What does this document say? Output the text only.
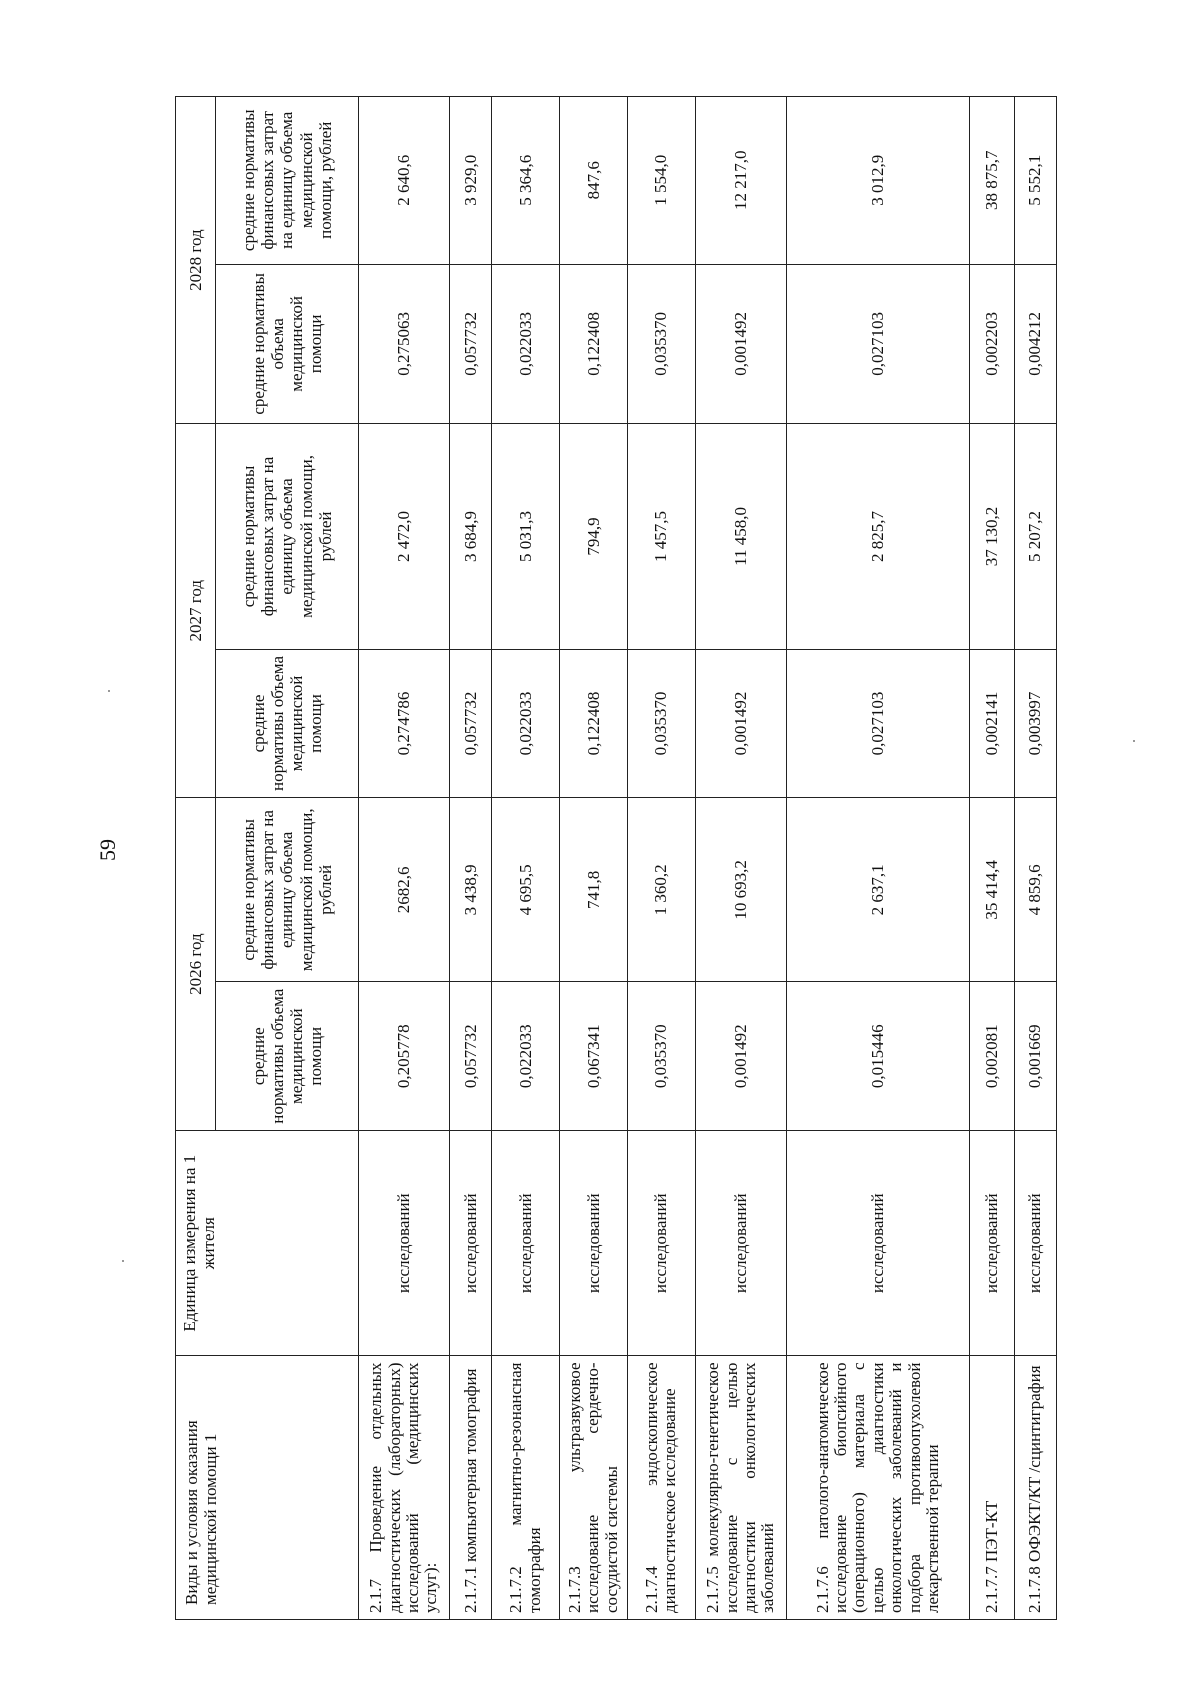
59
Виды и условия оказания медицинской помощи 1	Единица измерения на 1 жителя	2026 год		2027 год		2028 год	
		средние нормативы объема медицинской помощи	средние нормативы финансовых затрат на единицу объема медицинской помощи, рублей	средние нормативы объема медицинской помощи	средние нормативы финансовых затрат на единицу объема медицинской помощи, рублей	средние нормативы объема медицинской помощи	средние нормативы финансовых затрат на единицу объема медицинской помощи, рублей
2.1.7 Проведение отдельных диагностических (лабораторных) исследований (медицинских услуг):	исследований	0,205778	2682,6	0,274786	2 472,0	0,275063	2 640,6
2.1.7.1 компьютерная томография	исследований	0,057732	3 438,9	0,057732	3 684,9	0,057732	3 929,0
2.1.7.2 магнитно-резонансная томография	исследований	0,022033	4 695,5	0,022033	5 031,3	0,022033	5 364,6
2.1.7.3 ультразвуковое исследование сердечно-сосудистой системы	исследований	0,067341	741,8	0,122408	794,9	0,122408	847,6
2.1.7.4 эндоскопическое диагностическое исследование	исследований	0,035370	1 360,2	0,035370	1 457,5	0,035370	1 554,0
2.1.7.5 молекулярно-генетическое исследование с целью диагностики онкологических заболеваний	исследований	0,001492	10 693,2	0,001492	11 458,0	0,001492	12 217,0
2.1.7.6 патолого-анатомическое исследование биопсийного (операционного) материала с целью диагностики онкологических заболеваний и подбора противоопухолевой лекарственной терапии	исследований	0,015446	2 637,1	0,027103	2 825,7	0,027103	3 012,9
2.1.7.7 ПЭТ-КТ	исследований	0,002081	35 414,4	0,002141	37 130,2	0,002203	38 875,7
2.1.7.8 ОФЭКТ/КТ /сцинтиграфия	исследований	0,001669	4 859,6	0,003997	5 207,2	0,004212	5 552,1
